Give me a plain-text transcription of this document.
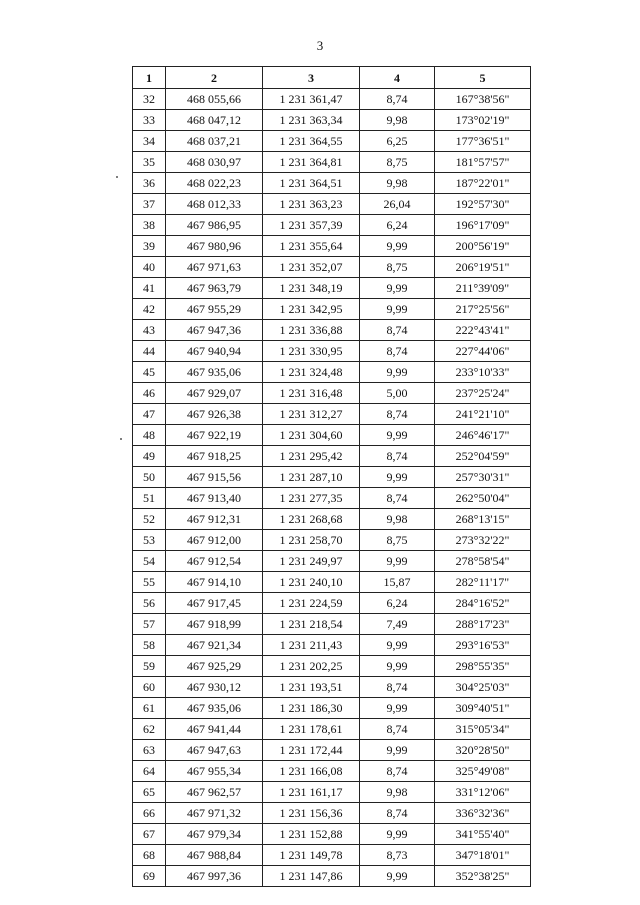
3
1	2	3	4	5
32	468 055,66	1 231 361,47	8,74	167°38'56"
33	468 047,12	1 231 363,34	9,98	173°02'19"
34	468 037,21	1 231 364,55	6,25	177°36'51"
35	468 030,97	1 231 364,81	8,75	181°57'57"
36	468 022,23	1 231 364,51	9,98	187°22'01"
37	468 012,33	1 231 363,23	26,04	192°57'30"
38	467 986,95	1 231 357,39	6,24	196°17'09"
39	467 980,96	1 231 355,64	9,99	200°56'19"
40	467 971,63	1 231 352,07	8,75	206°19'51"
41	467 963,79	1 231 348,19	9,99	211°39'09"
42	467 955,29	1 231 342,95	9,99	217°25'56"
43	467 947,36	1 231 336,88	8,74	222°43'41"
44	467 940,94	1 231 330,95	8,74	227°44'06"
45	467 935,06	1 231 324,48	9,99	233°10'33"
46	467 929,07	1 231 316,48	5,00	237°25'24"
47	467 926,38	1 231 312,27	8,74	241°21'10"
48	467 922,19	1 231 304,60	9,99	246°46'17"
49	467 918,25	1 231 295,42	8,74	252°04'59"
50	467 915,56	1 231 287,10	9,99	257°30'31"
51	467 913,40	1 231 277,35	8,74	262°50'04"
52	467 912,31	1 231 268,68	9,98	268°13'15"
53	467 912,00	1 231 258,70	8,75	273°32'22"
54	467 912,54	1 231 249,97	9,99	278°58'54"
55	467 914,10	1 231 240,10	15,87	282°11'17"
56	467 917,45	1 231 224,59	6,24	284°16'52"
57	467 918,99	1 231 218,54	7,49	288°17'23"
58	467 921,34	1 231 211,43	9,99	293°16'53"
59	467 925,29	1 231 202,25	9,99	298°55'35"
60	467 930,12	1 231 193,51	8,74	304°25'03"
61	467 935,06	1 231 186,30	9,99	309°40'51"
62	467 941,44	1 231 178,61	8,74	315°05'34"
63	467 947,63	1 231 172,44	9,99	320°28'50"
64	467 955,34	1 231 166,08	8,74	325°49'08"
65	467 962,57	1 231 161,17	9,98	331°12'06"
66	467 971,32	1 231 156,36	8,74	336°32'36"
67	467 979,34	1 231 152,88	9,99	341°55'40"
68	467 988,84	1 231 149,78	8,73	347°18'01"
69	467 997,36	1 231 147,86	9,99	352°38'25"
